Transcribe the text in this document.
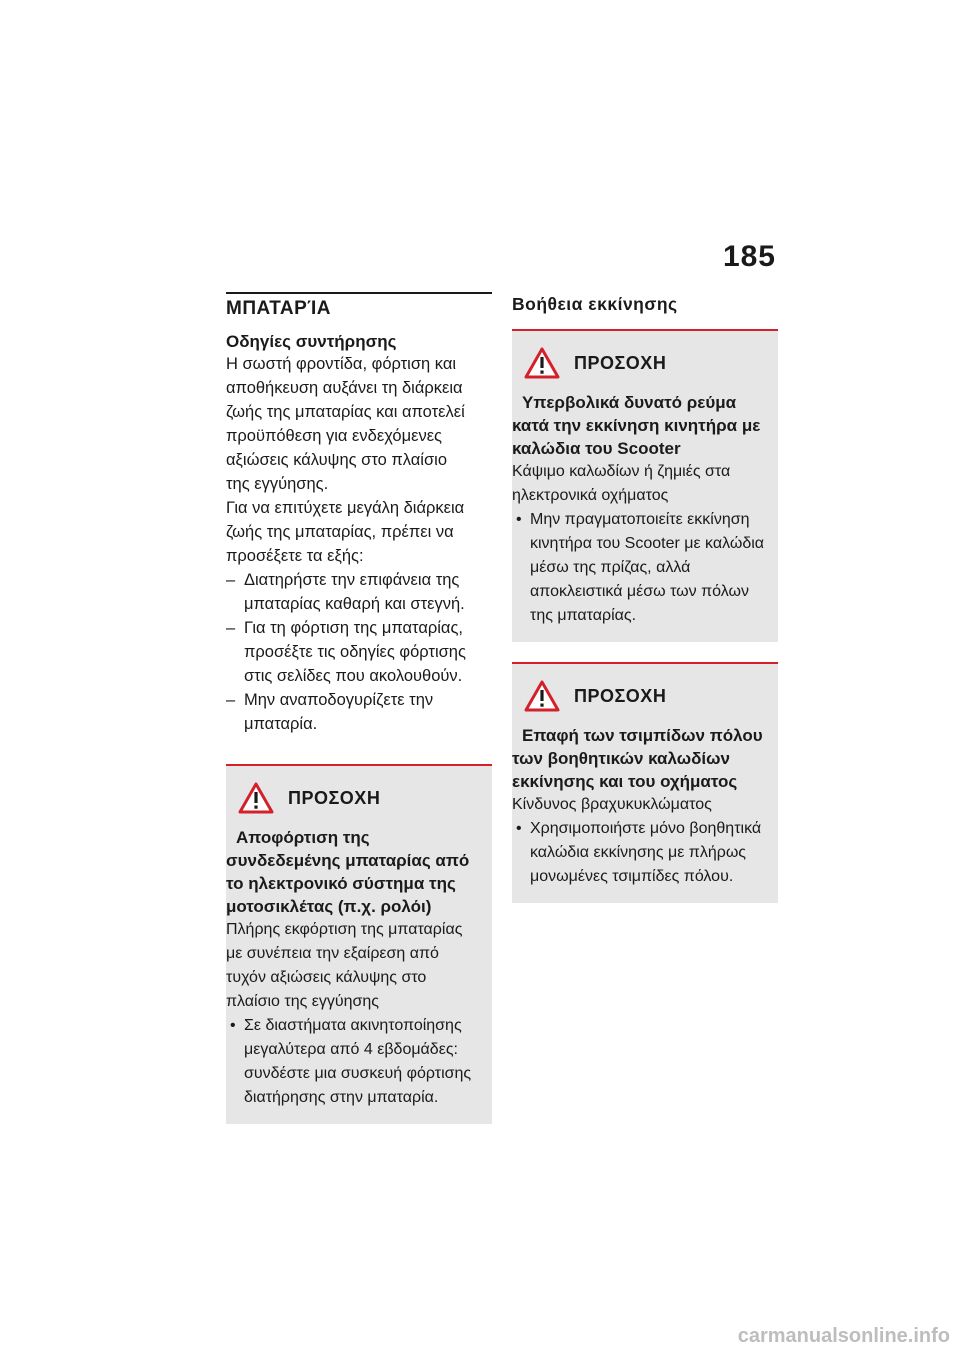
185
ΜΠΑΤΑΡΊΑ
Οδηγίες συντήρησης

Η σωστή φροντίδα, φόρτιση και

αποθήκευση αυξάνει τη διάρκεια

ζωής της μπαταρίας και αποτελεί

προϋπόθεση για ενδεχόμενες

αξιώσεις κάλυψης στο πλαίσιο

της εγγύησης.

Για να επιτύχετε μεγάλη διάρκεια

ζωής της μπαταρίας, πρέπει να

προσέξετε τα εξής:

– Διατηρήστε την επιφάνεια της μπαταρίας καθαρή και στεγνή.
– Για τη φόρτιση της μπαταρίας, προσέξτε τις οδηγίες φόρτισης στις σελίδες που ακολουθούν.
– Μην αναποδογυρίζετε την μπαταρία.
ΠΡΟΣΟΧΗ
Αποφόρτιση της συνδεδεμένης μπαταρίας από το ηλεκτρονικό σύστημα της μοτοσικλέτας (π.χ. ρολόι)
Πλήρης εκφόρτιση της μπαταρίας με συνέπεια την εξαίρεση από τυχόν αξιώσεις κάλυψης στο πλαίσιο της εγγύησης
• Σε διαστήματα ακινητοποίησης μεγαλύτερα από 4 εβδομάδες: συνδέστε μια συσκευή φόρτισης διατήρησης στην μπαταρία.
Βοήθεια εκκίνησης
ΠΡΟΣΟΧΗ
Υπερβολικά δυνατό ρεύμα κατά την εκκίνηση κινητήρα με καλώδια του Scooter
Κάψιμο καλωδίων ή ζημιές στα ηλεκτρονικά οχήματος
• Μην πραγματοποιείτε εκκίνηση κινητήρα του Scooter με καλώδια μέσω της πρίζας, αλλά αποκλειστικά μέσω των πόλων της μπαταρίας.
ΠΡΟΣΟΧΗ
Επαφή των τσιμπίδων πόλου των βοηθητικών καλωδίων εκκίνησης και του οχήματος
Κίνδυνος βραχυκυκλώματος
• Χρησιμοποιήστε μόνο βοηθητικά καλώδια εκκίνησης με πλήρως μονωμένες τσιμπίδες πόλου.
carmanualsonline.info
